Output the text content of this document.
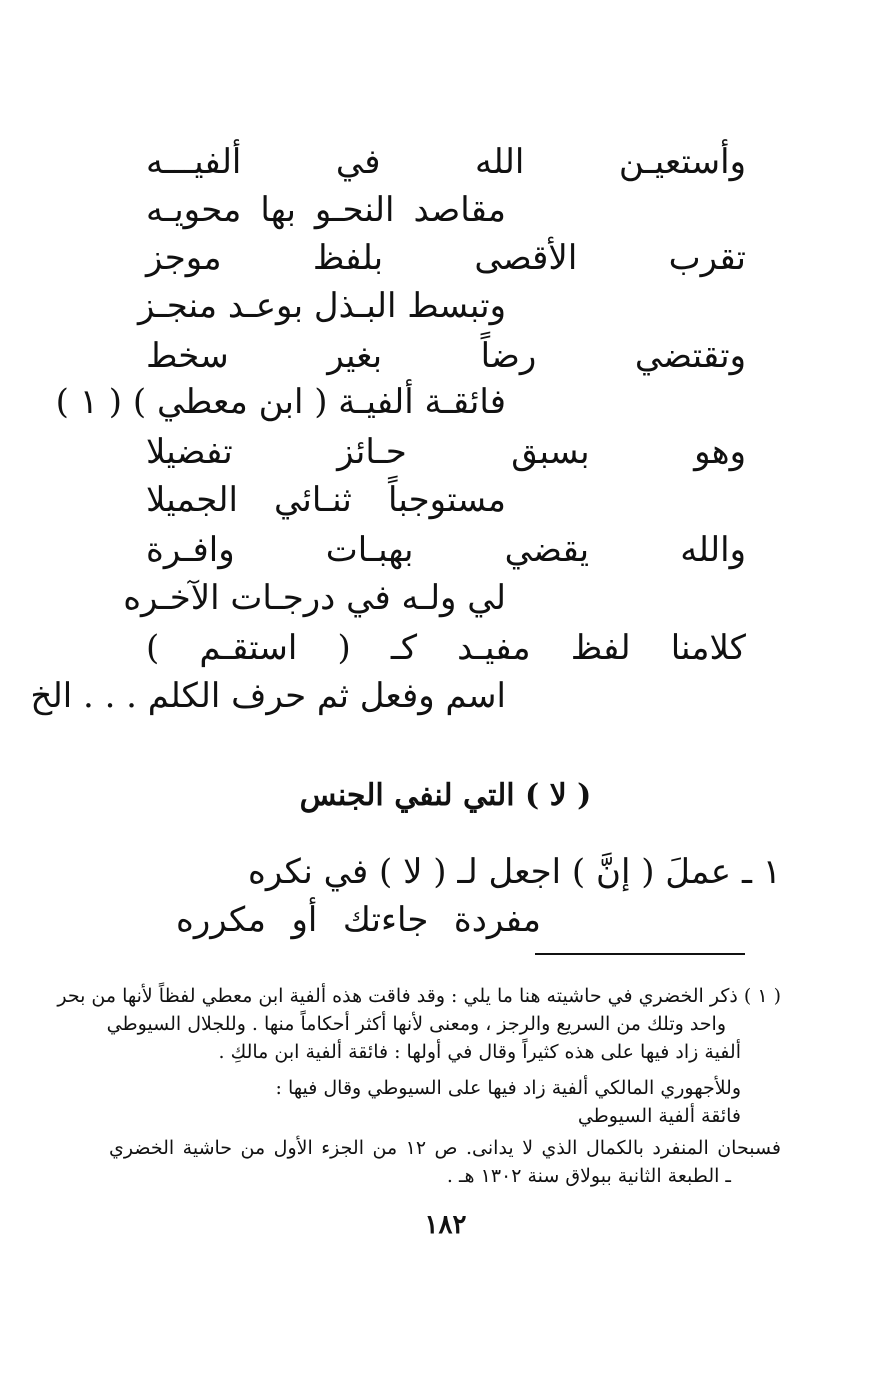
وأستعيـن الله في ألفيـــه
مقاصد النحـو بها محويـه
تقرب الأقصى بلفظ موجز
وتبسط البـذل بوعـد منجـز
وتقتضي رضاً بغير سخط
فائقـة ألفيـة ( ابن معطي ) ( ١ )
وهو بسبق حـائز تفضيلا
مستوجباً ثنـائي الجميلا
والله يقضي بهبـات وافـرة
لي ولـه في درجـات الآخـره
كلامنا لفظ مفيـد كـ ( استقـم )
اسم وفعل ثم حرف الكلم . . . الخ
( لا ) التي لنفي الجنس
١ ـ
عملَ ( إنَّ ) اجعل لـ ( لا ) في نكره
مفردة جاءتك أو مكرره
( ١ ) ذكر الخضري في حاشيته هنا ما يلي : وقد فاقت هذه ألفية ابن معطي لفظاً لأنها من بحر
واحد وتلك من السريع والرجز ، ومعنى لأنها أكثر أحكاماً منها . وللجلال السيوطي
ألفية زاد فيها على هذه كثيراً وقال في أولها : فائقة ألفية ابن مالكِ .
وللأجهوري المالكي ألفية زاد فيها على السيوطي وقال فيها :
فائقة ألفية السيوطي
فسبحان المنفرد بالكمال الذي لا يدانى. ص ١٢ من الجزء الأول من حاشية الخضري
ـ الطبعة الثانية ببولاق سنة ١٣٠٢ هـ .
١٨٢
